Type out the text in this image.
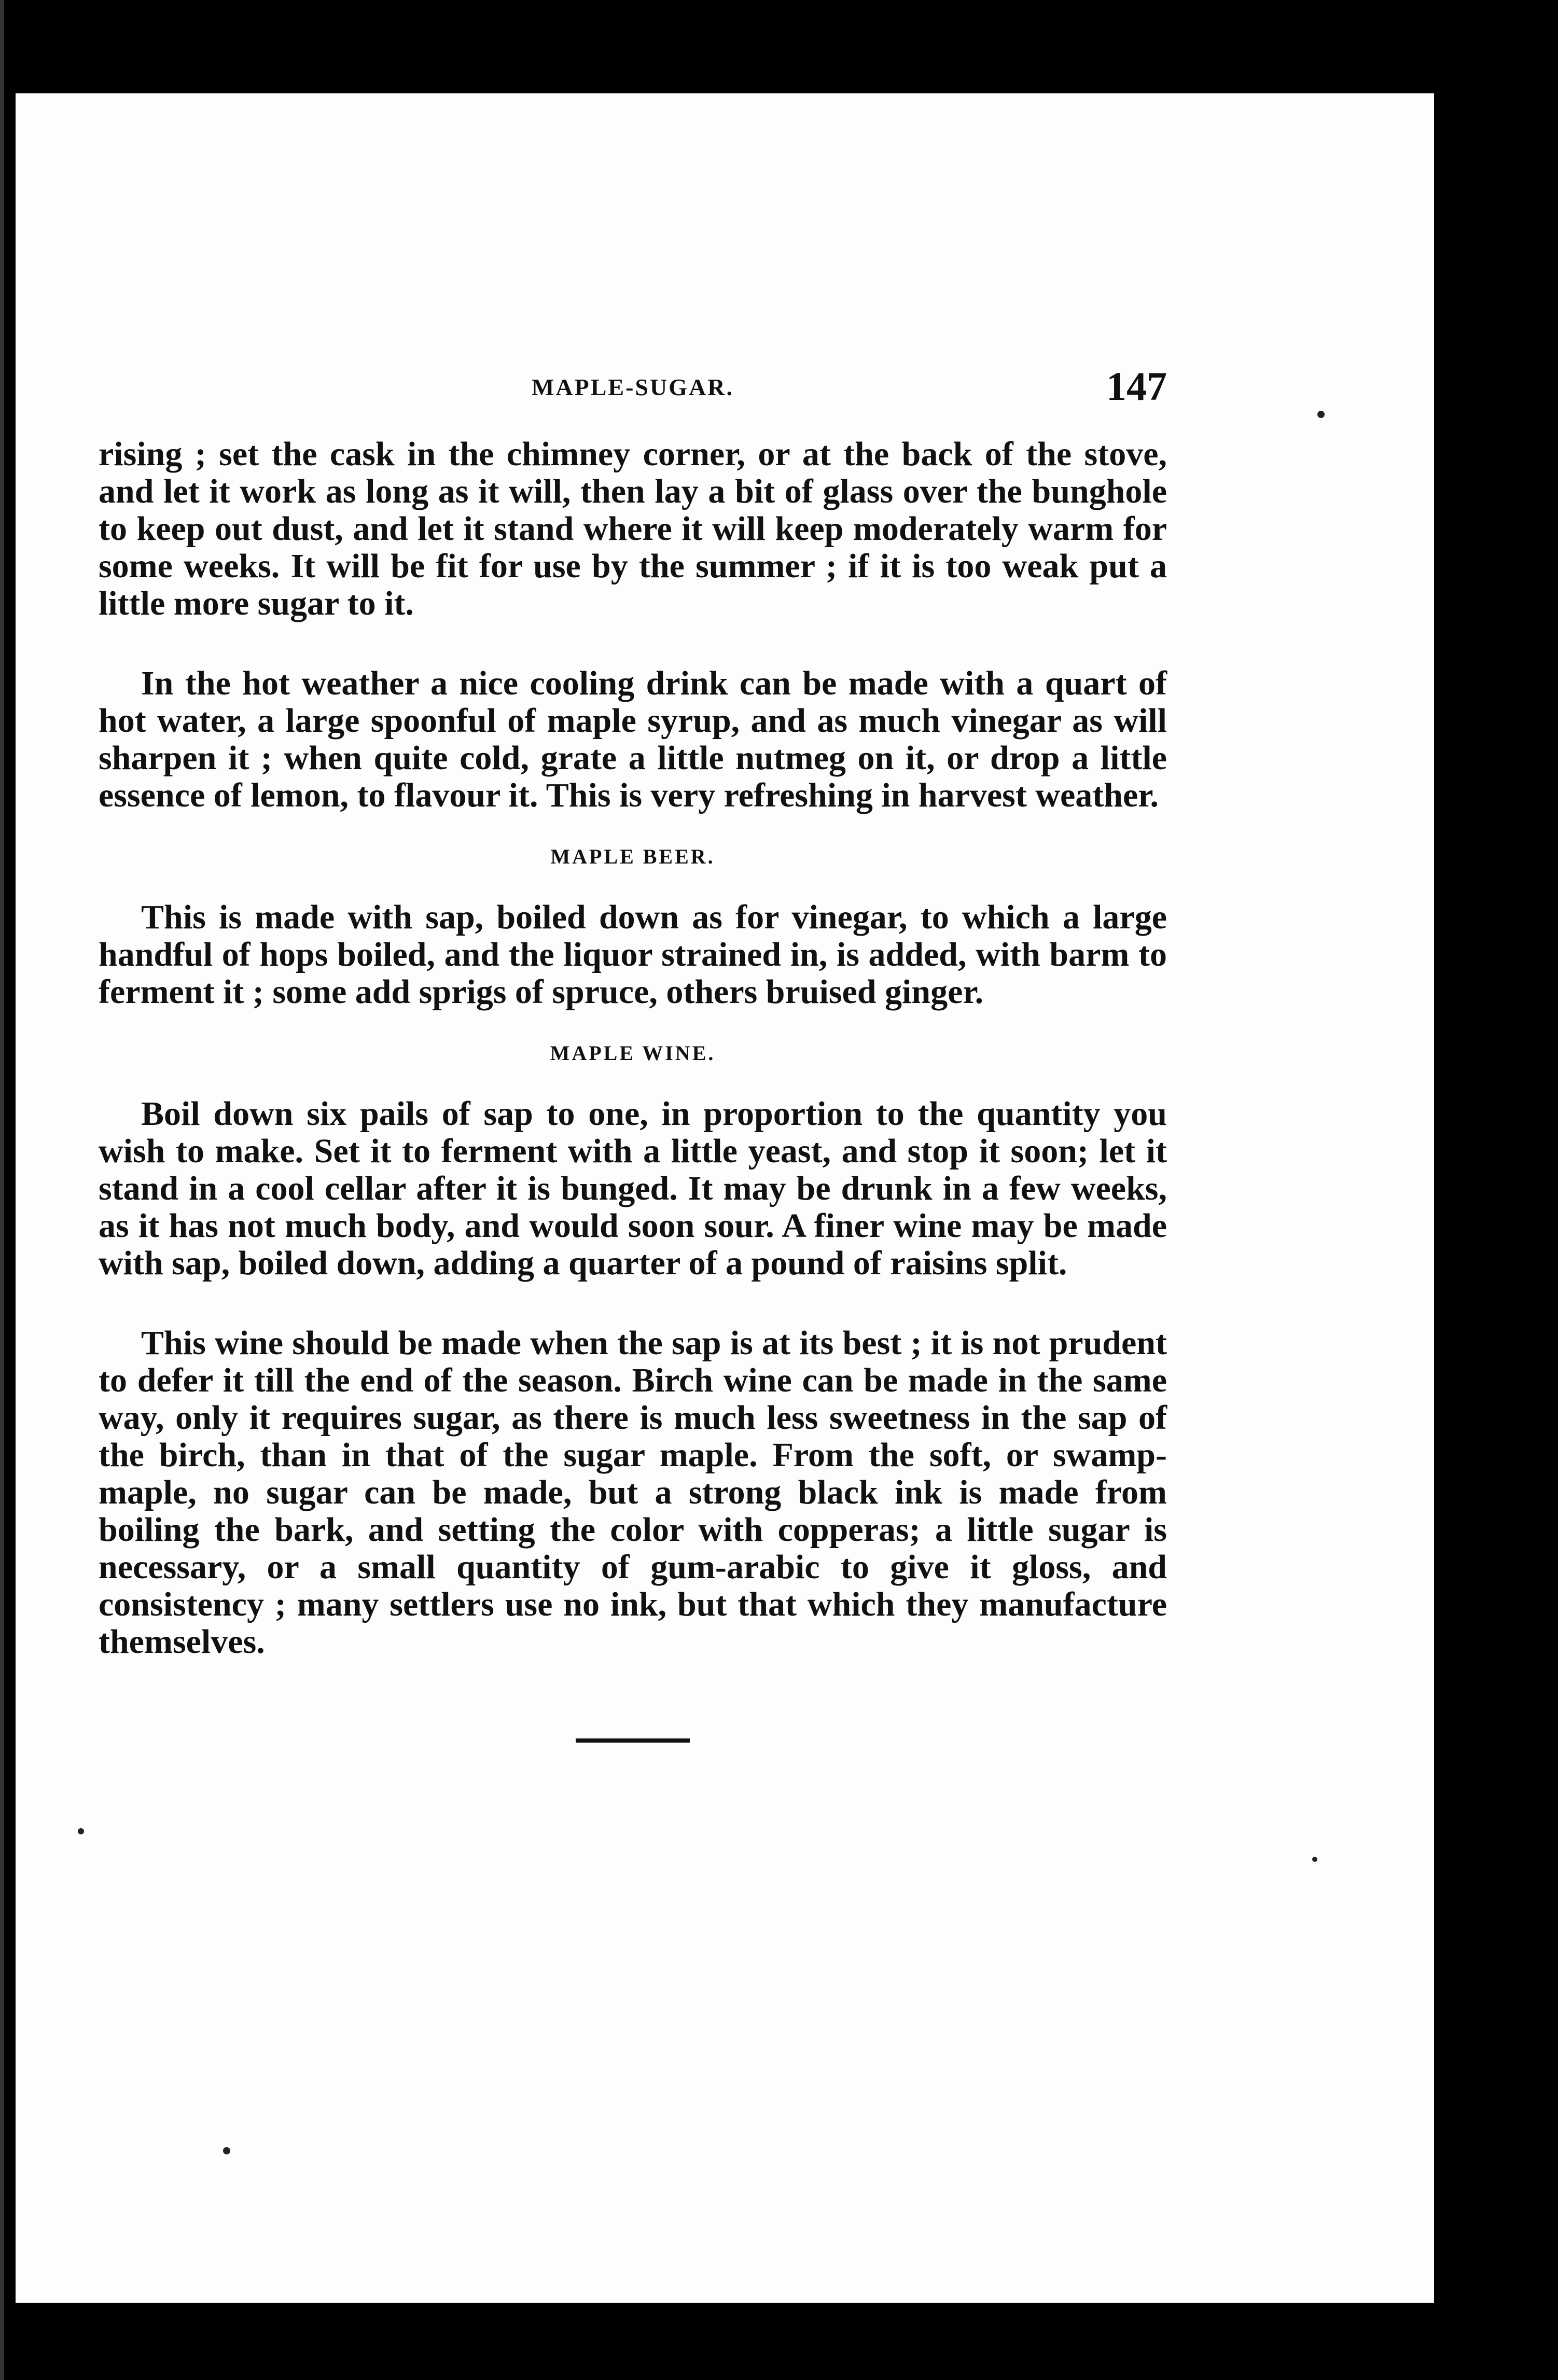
MAPLE-SUGAR.	147

rising ; set the cask in the chimney corner, or at the back of the stove, and let it work as long as it will, then lay a bit of glass over the bunghole to keep out dust, and let it stand where it will keep moderately warm for some weeks. It will be fit for use by the summer ; if it is too weak put a little more sugar to it.

In the hot weather a nice cooling drink can be made with a quart of hot water, a large spoonful of maple syrup, and as much vinegar as will sharpen it ; when quite cold, grate a little nutmeg on it, or drop a little essence of lemon, to flavour it. This is very refreshing in harvest weather.

MAPLE BEER.

This is made with sap, boiled down as for vinegar, to which a large handful of hops boiled, and the liquor strained in, is added, with barm to ferment it ; some add sprigs of spruce, others bruised ginger.

MAPLE WINE.

Boil down six pails of sap to one, in proportion to the quantity you wish to make. Set it to ferment with a little yeast, and stop it soon; let it stand in a cool cellar after it is bunged. It may be drunk in a few weeks, as it has not much body, and would soon sour. A finer wine may be made with sap, boiled down, adding a quarter of a pound of raisins split.

This wine should be made when the sap is at its best ; it is not prudent to defer it till the end of the season. Birch wine can be made in the same way, only it requires sugar, as there is much less sweetness in the sap of the birch, than in that of the sugar maple. From the soft, or swamp-maple, no sugar can be made, but a strong black ink is made from boiling the bark, and setting the color with copperas; a little sugar is necessary, or a small quantity of gum-arabic to give it gloss, and consistency ; many settlers use no ink, but that which they manufacture themselves.
